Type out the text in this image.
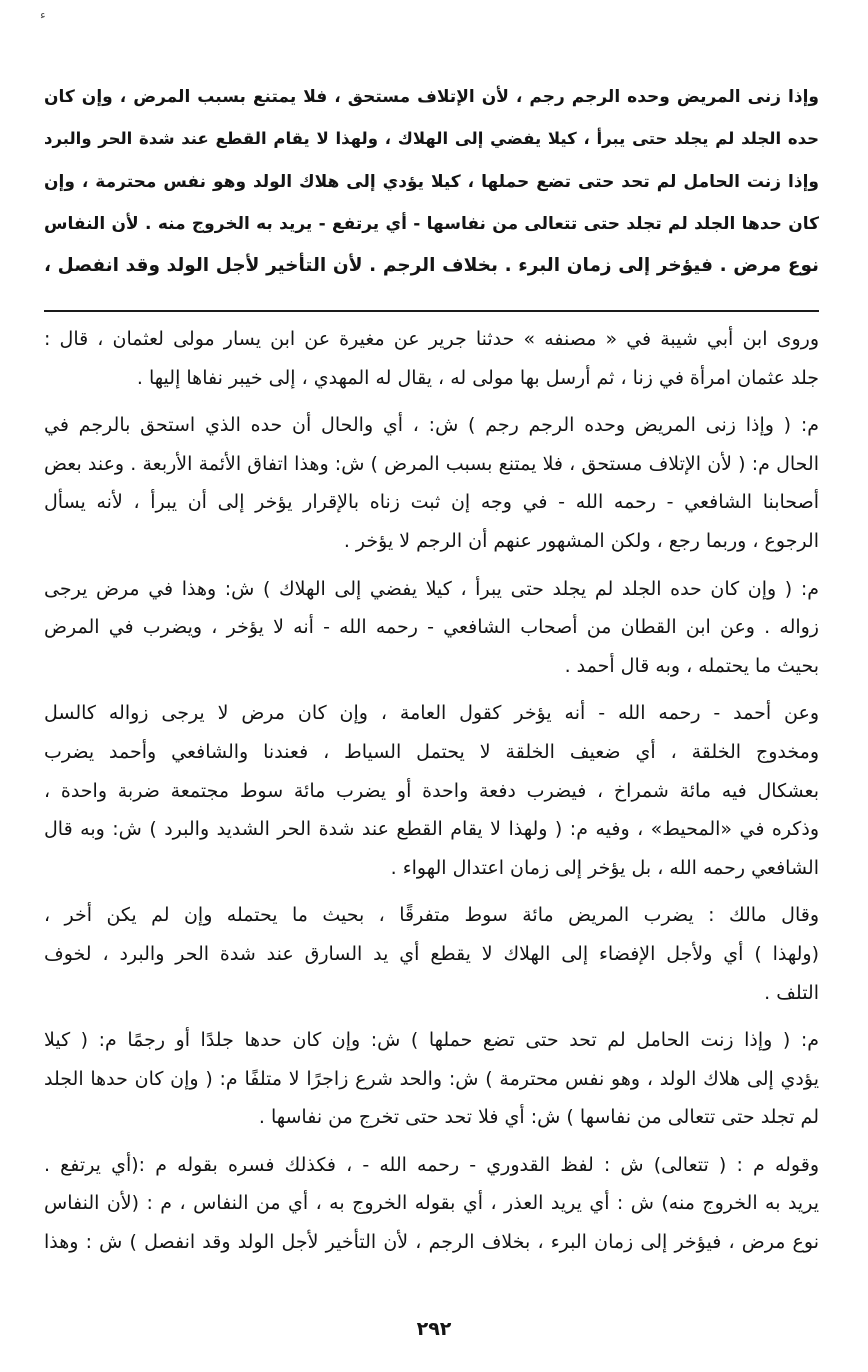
ء

وإذا زنى المريض وحده الرجم رجم ، لأن الإتلاف مستحق ، فلا يمتنع بسبب المرض ، وإن كان
حده الجلد لم يجلد حتى يبرأ ، كيلا يفضي إلى الهلاك ، ولهذا لا يقام القطع عند شدة الحر والبرد
وإذا زنت الحامل لم تحد حتى تضع حملها ، كيلا يؤدي إلى هلاك الولد وهو نفس محترمة ، وإن
كان حدها الجلد لم تجلد حتى تتعالى من نفاسها - أي يرتفع - يريد به الخروج منه . لأن النفاس
نوع مرض . فيؤخر إلى زمان البرء . بخلاف الرجم . لأن التأخير لأجل الولد وقد انفصل ،

وروى ابن أبي شيبة في « مصنفه » حدثنا جرير عن مغيرة عن ابن يسار مولى لعثمان ، قال :
جلد عثمان امرأة في زنا ، ثم أرسل بها مولى له ، يقال له المهدي ، إلى خيبر نفاها إليها .
م: ( وإذا زنى المريض وحده الرجم رجم ) ش: ، أي والحال أن حده الذي استحق بالرجم في
الحال م: ( لأن الإتلاف مستحق ، فلا يمتنع بسبب المرض ) ش: وهذا اتفاق الأئمة الأربعة . وعند بعض
أصحابنا الشافعي - رحمه الله - في وجه إن ثبت زناه بالإقرار يؤخر إلى أن يبرأ ، لأنه يسأل
الرجوع ، وربما رجع ، ولكن المشهور عنهم أن الرجم لا يؤخر .
م: ( وإن كان حده الجلد لم يجلد حتى يبرأ ، كيلا يفضي إلى الهلاك ) ش: وهذا في مرض يرجى
زواله . وعن ابن القطان من أصحاب الشافعي - رحمه الله - أنه لا يؤخر ، ويضرب في المرض
بحيث ما يحتمله ، وبه قال أحمد .
وعن أحمد - رحمه الله - أنه يؤخر كقول العامة ، وإن كان مرض لا يرجى زواله كالسل
ومخدوج الخلقة ، أي ضعيف الخلقة لا يحتمل السياط ، فعندنا والشافعي وأحمد يضرب
بعشكال فيه مائة شمراخ ، فيضرب دفعة واحدة أو يضرب مائة سوط مجتمعة ضربة واحدة ،
وذكره في «المحيط» ، وفيه م: ( ولهذا لا يقام القطع عند شدة الحر الشديد والبرد ) ش: وبه قال
الشافعي رحمه الله ، بل يؤخر إلى زمان اعتدال الهواء .
وقال مالك : يضرب المريض مائة سوط متفرقًا ، بحيث ما يحتمله وإن لم يكن أخر ،
(ولهذا ) أي ولأجل الإفضاء إلى الهلاك لا يقطع أي يد السارق عند شدة الحر والبرد ، لخوف
التلف .
م: ( وإذا زنت الحامل لم تحد حتى تضع حملها ) ش: وإن كان حدها جلدًا أو رجمًا م: ( كيلا
يؤدي إلى هلاك الولد ، وهو نفس محترمة ) ش: والحد شرع زاجرًا لا متلفًا م: ( وإن كان حدها الجلد
لم تجلد حتى تتعالى من نفاسها ) ش: أي فلا تحد حتى تخرج من نفاسها .
وقوله م : ( تتعالى) ش : لفظ القدوري - رحمه الله - ، فكذلك فسره بقوله م :(أي يرتفع .
يريد به الخروج منه) ش : أي يريد العذر ، أي بقوله الخروج به ، أي من النفاس ، م : (لأن النفاس
نوع مرض ، فيؤخر إلى زمان البرء ، بخلاف الرجم ، لأن التأخير لأجل الولد وقد انفصل ) ش : وهذا
٢٩٢
